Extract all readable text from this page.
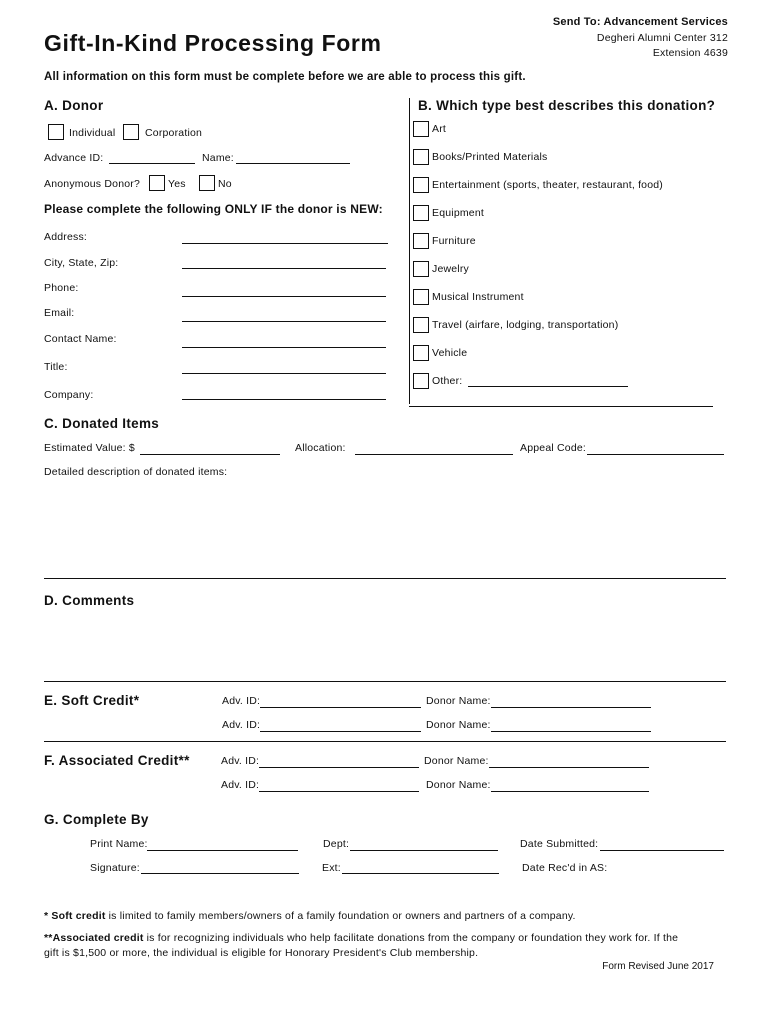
Gift-In-Kind Processing Form
Send To: Advancement Services
Degheri Alumni Center 312
Extension 4639
All information on this form must be complete before we are able to process this gift.
A. Donor
Individual	Corporation
Advance ID:	Name:
Anonymous Donor?	Yes	No
Please complete the following ONLY IF the donor is NEW:
Address:
City, State, Zip:
Phone:
Email:
Contact Name:
Title:
Company:
B. Which type best describes this donation?
Art
Books/Printed Materials
Entertainment (sports, theater, restaurant, food)
Equipment
Furniture
Jewelry
Musical Instrument
Travel (airfare, lodging, transportation)
Vehicle
Other:
C. Donated Items
Estimated Value: $	Allocation:	Appeal Code:
Detailed description of donated items:
D. Comments
E. Soft Credit*	Adv. ID:	Donor Name:
Adv. ID:	Donor Name:
F. Associated Credit**	Adv. ID:	Donor Name:
Adv. ID:	Donor Name:
G. Complete By
Print Name:	Dept:	Date Submitted:
Signature:	Ext:	Date Rec'd in AS:
* Soft credit is limited to family members/owners of a family foundation or owners and partners of a company.
**Associated credit is for recognizing individuals who help facilitate donations from the company or foundation they work for. If the
gift is $1,500 or more, the individual is eligible for Honorary President's Club membership.
Form Revised June 2017
